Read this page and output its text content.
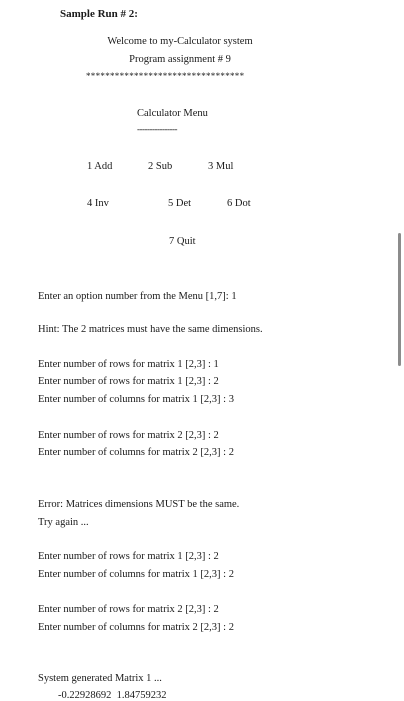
Sample Run # 2:
Welcome to my-Calculator system
Program assignment # 9
*********************************
Calculator Menu
----------------
1 Add	2 Sub	3 Mul
4 Inv	5 Det	6 Dot
7 Quit
Enter an option number from the Menu [1,7]: 1
Hint: The 2 matrices must have the same dimensions.
Enter number of rows for matrix 1 [2,3] : 1
Enter number of rows for matrix 1 [2,3] : 2
Enter number of columns for matrix 1 [2,3] : 3
Enter number of rows for matrix 2 [2,3] : 2
Enter number of columns for matrix 2 [2,3] : 2
Error: Matrices dimensions MUST be the same.
Try again ...
Enter number of rows for matrix 1 [2,3] : 2
Enter number of columns for matrix 1 [2,3] : 2
Enter number of rows for matrix 2 [2,3] : 2
Enter number of columns for matrix 2 [2,3] : 2
System generated Matrix 1 ...
-0.22928692  1.84759232
